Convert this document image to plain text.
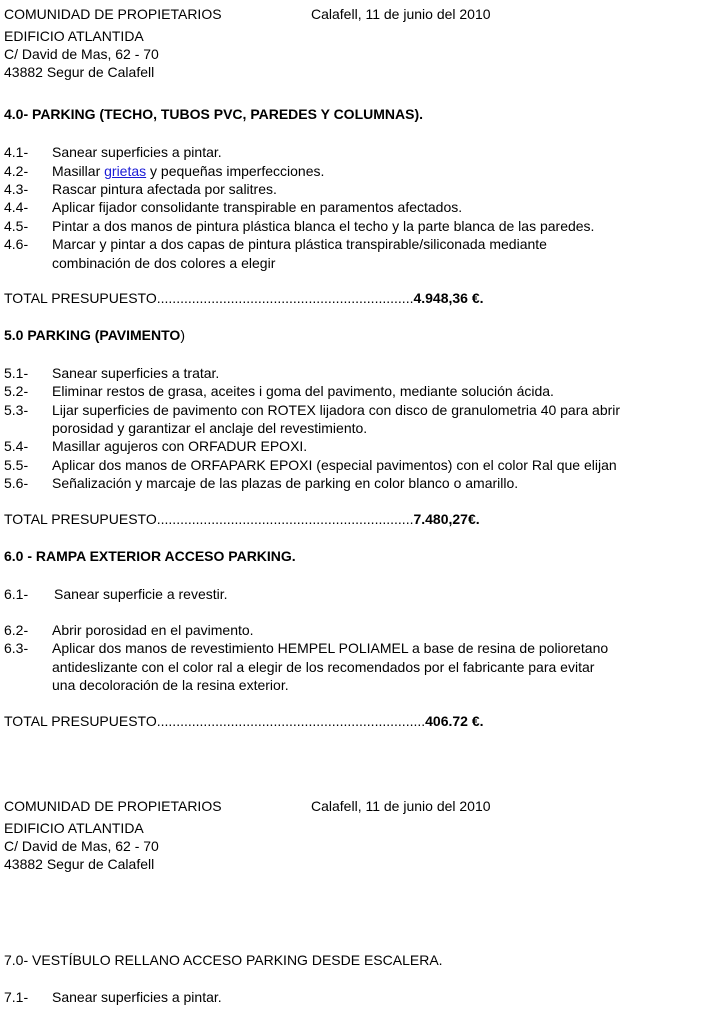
COMUNIDAD DE PROPIETARIOS	Calafell, 11 de junio del 2010
EDIFICIO ATLANTIDA
C/ David de Mas, 62 - 70
43882 Segur de Calafell
4.0- PARKING (TECHO, TUBOS PVC, PAREDES Y COLUMNAS).
4.1- Sanear superficies a pintar.
4.2- Masillar grietas y pequeñas imperfecciones.
4.3- Rascar pintura afectada por salitres.
4.4- Aplicar fijador consolidante transpirable en paramentos afectados.
4.5- Pintar a dos manos de pintura plástica blanca el techo y la parte blanca de las paredes.
4.6- Marcar y pintar a dos capas de pintura plástica transpirable/siliconada mediante
combinación de dos colores a elegir
TOTAL PRESUPUESTO..................................................................4.948,36 €.
5.0 PARKING (PAVIMENTO)
5.1- Sanear superficies a tratar.
5.2- Eliminar restos de grasa, aceites i goma del pavimento, mediante solución ácida.
5.3- Lijar superficies de pavimento con ROTEX lijadora con disco de granulometria 40 para abrir
porosidad y garantizar el anclaje del revestimiento.
5.4- Masillar agujeros con ORFADUR EPOXI.
5.5- Aplicar dos manos de ORFAPARK EPOXI (especial pavimentos) con el color Ral que elijan
5.6- Señalización y marcaje de las plazas de parking en color blanco o amarillo.
TOTAL PRESUPUESTO..................................................................7.480,27€.
6.0 - RAMPA EXTERIOR ACCESO PARKING.
6.1- Sanear superficie a revestir.
6.2- Abrir porosidad en el pavimento.
6.3- Aplicar dos manos de revestimiento HEMPEL POLIAMEL a base de resina de polioretano
antideslizante con el color ral a elegir de los recomendados por el fabricante para evitar
una decoloración de la resina exterior.
TOTAL PRESUPUESTO.....................................................................406.72 €.
COMUNIDAD DE PROPIETARIOS	Calafell, 11 de junio del 2010
EDIFICIO ATLANTIDA
C/ David de Mas, 62 - 70
43882 Segur de Calafell
7.0- VESTÍBULO RELLANO ACCESO PARKING DESDE ESCALERA.
7.1- Sanear superficies a pintar.
